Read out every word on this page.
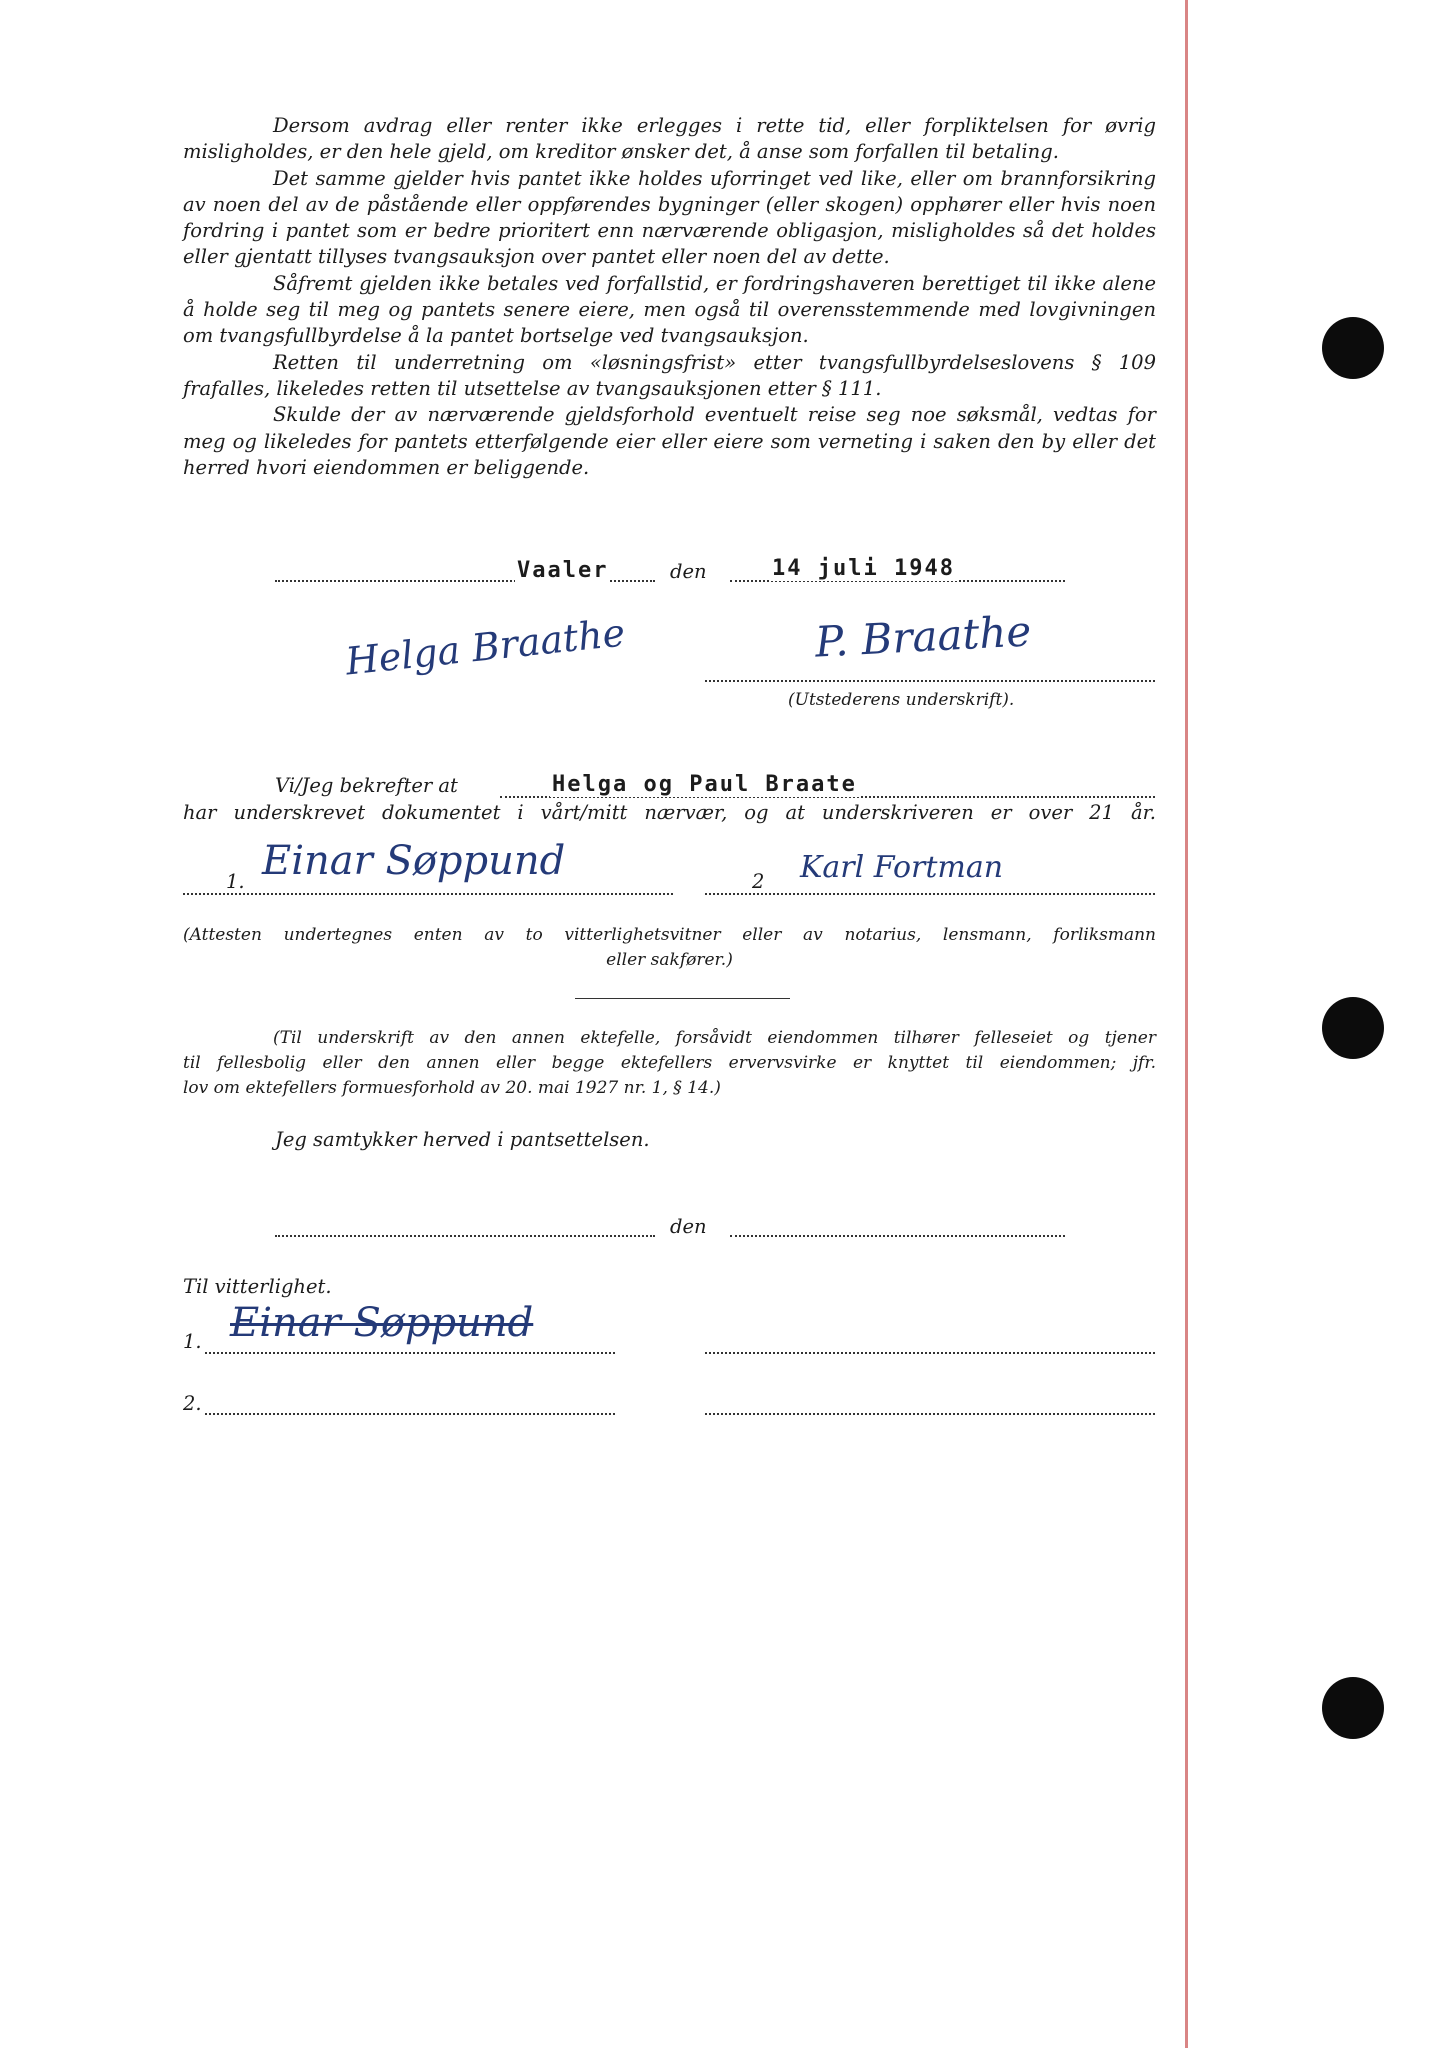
Dersom avdrag eller renter ikke erlegges i rette tid, eller forpliktelsen for øvrig misligholdes, er den hele gjeld, om kreditor ønsker det, å anse som forfallen til betaling.

Det samme gjelder hvis pantet ikke holdes uforringet ved like, eller om brannforsikring av noen del av de påstående eller oppførendes bygninger (eller skogen) opphører eller hvis noen fordring i pantet som er bedre prioritert enn nærværende obligasjon, misligholdes så det holdes eller gjentatt tillyses tvangsauksjon over pantet eller noen del av dette.

Såfremt gjelden ikke betales ved forfallstid, er fordringshaveren berettiget til ikke alene å holde seg til meg og pantets senere eiere, men også til overensstemmende med lovgivningen om tvangsfullbyrdelse å la pantet bortselge ved tvangsauksjon.

Retten til underretning om «løsningsfrist» etter tvangsfullbyrdelseslovens § 109 frafalles, likeledes retten til utsettelse av tvangsauksjonen etter § 111.

Skulde der av nærværende gjeldsforhold eventuelt reise seg noe søksmål, vedtas for meg og likeledes for pantets etterfølgende eier eller eiere som verneting i saken den by eller det herred hvori eiendommen er beliggende.

Vaaler	den	14 juli 1948
Helga Braathe	P. Braathe
(Utstederens underskrift).
Vi/Jeg bekrefter at	Helga og Paul Braate
har underskrevet dokumentet i vårt/mitt nærvær, og at underskriveren er over 21 år.
1. Einar Søppund	2 Karl Fortman
(Attesten undertegnes enten av to vitterlighetsvitner eller av notarius, lensmann, forliksmann
eller sakfører.)
(Til underskrift av den annen ektefelle, forsåvidt eiendommen tilhører felleseiet og tjener
til fellesbolig eller den annen eller begge ektefellers ervervsvirke er knyttet til eiendommen; jfr.
lov om ektefellers formuesforhold av 20. mai 1927 nr. 1, § 14.)
Jeg samtykker herved i pantsettelsen.
den
Til vitterlighet.
1. Einar Søppund
2.
